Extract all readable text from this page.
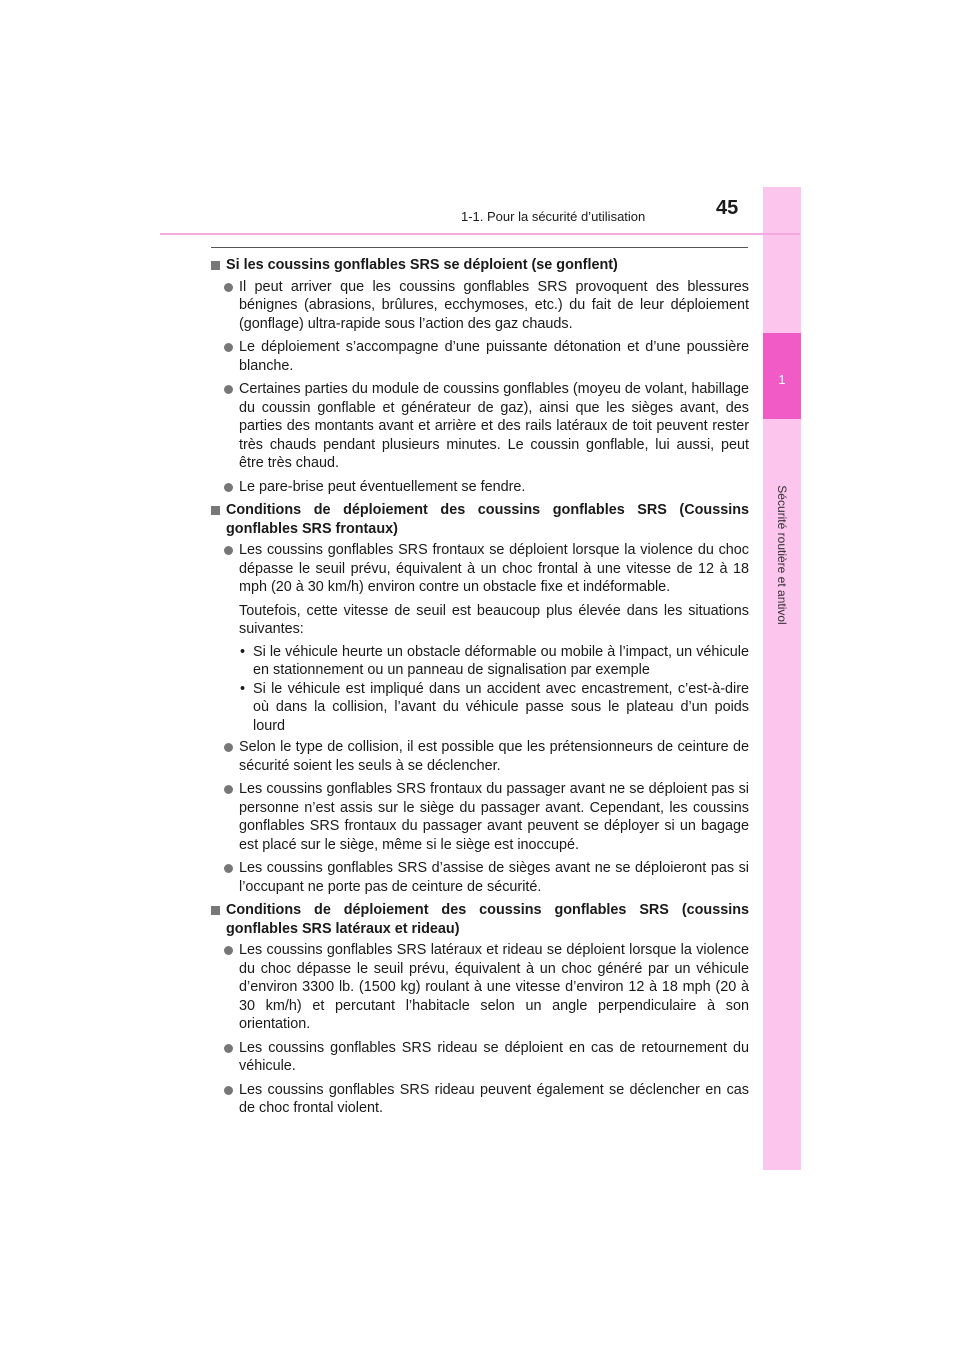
1
Sécurité routière et antivol
1-1. Pour la sécurité d’utilisation	45
Si les coussins gonflables SRS se déploient (se gonflent)
Il peut arriver que les coussins gonflables SRS provoquent des blessures bénignes (abrasions, brûlures, ecchymoses, etc.) du fait de leur déploiement (gonflage) ultra-rapide sous l’action des gaz chauds.
Le déploiement s’accompagne d’une puissante détonation et d’une poussière blanche.
Certaines parties du module de coussins gonflables (moyeu de volant, habillage du coussin gonflable et générateur de gaz), ainsi que les sièges avant, des parties des montants avant et arrière et des rails latéraux de toit peuvent rester très chauds pendant plusieurs minutes. Le coussin gonflable, lui aussi, peut être très chaud.
Le pare-brise peut éventuellement se fendre.
Conditions de déploiement des coussins gonflables SRS (Coussins gonflables SRS frontaux)
Les coussins gonflables SRS frontaux se déploient lorsque la violence du choc dépasse le seuil prévu, équivalent à un choc frontal à une vitesse de 12 à 18 mph (20 à 30 km/h) environ contre un obstacle fixe et indéformable.
Toutefois, cette vitesse de seuil est beaucoup plus élevée dans les situations suivantes:
• Si le véhicule heurte un obstacle déformable ou mobile à l’impact, un véhicule en stationnement ou un panneau de signalisation par exemple
• Si le véhicule est impliqué dans un accident avec encastrement, c’est-à-dire où dans la collision, l’avant du véhicule passe sous le plateau d’un poids lourd
Selon le type de collision, il est possible que les prétensionneurs de ceinture de sécurité soient les seuls à se déclencher.
Les coussins gonflables SRS frontaux du passager avant ne se déploient pas si personne n’est assis sur le siège du passager avant. Cependant, les coussins gonflables SRS frontaux du passager avant peuvent se déployer si un bagage est placé sur le siège, même si le siège est inoccupé.
Les coussins gonflables SRS d’assise de sièges avant ne se déploieront pas si l’occupant ne porte pas de ceinture de sécurité.
Conditions de déploiement des coussins gonflables SRS (coussins gonflables SRS latéraux et rideau)
Les coussins gonflables SRS latéraux et rideau se déploient lorsque la violence du choc dépasse le seuil prévu, équivalent à un choc généré par un véhicule d’environ 3300 lb. (1500 kg) roulant à une vitesse d’environ 12 à 18 mph (20 à 30 km/h) et percutant l’habitacle selon un angle perpendiculaire à son orientation.
Les coussins gonflables SRS rideau se déploient en cas de retournement du véhicule.
Les coussins gonflables SRS rideau peuvent également se déclencher en cas de choc frontal violent.
